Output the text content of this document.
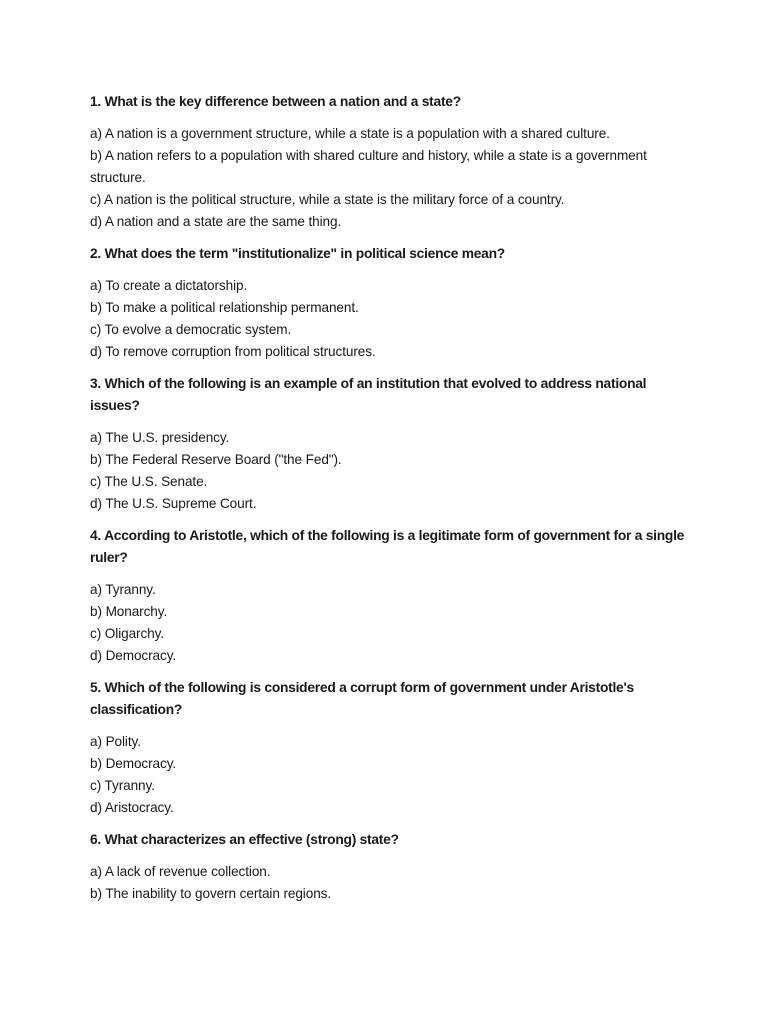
1. What is the key difference between a nation and a state?

a) A nation is a government structure, while a state is a population with a shared culture.
b) A nation refers to a population with shared culture and history, while a state is a government structure.
c) A nation is the political structure, while a state is the military force of a country.
d) A nation and a state are the same thing.

2. What does the term "institutionalize" in political science mean?

a) To create a dictatorship.
b) To make a political relationship permanent.
c) To evolve a democratic system.
d) To remove corruption from political structures.

3. Which of the following is an example of an institution that evolved to address national issues?

a) The U.S. presidency.
b) The Federal Reserve Board ("the Fed").
c) The U.S. Senate.
d) The U.S. Supreme Court.

4. According to Aristotle, which of the following is a legitimate form of government for a single ruler?

a) Tyranny.
b) Monarchy.
c) Oligarchy.
d) Democracy.

5. Which of the following is considered a corrupt form of government under Aristotle's classification?

a) Polity.
b) Democracy.
c) Tyranny.
d) Aristocracy.

6. What characterizes an effective (strong) state?

a) A lack of revenue collection.
b) The inability to govern certain regions.
